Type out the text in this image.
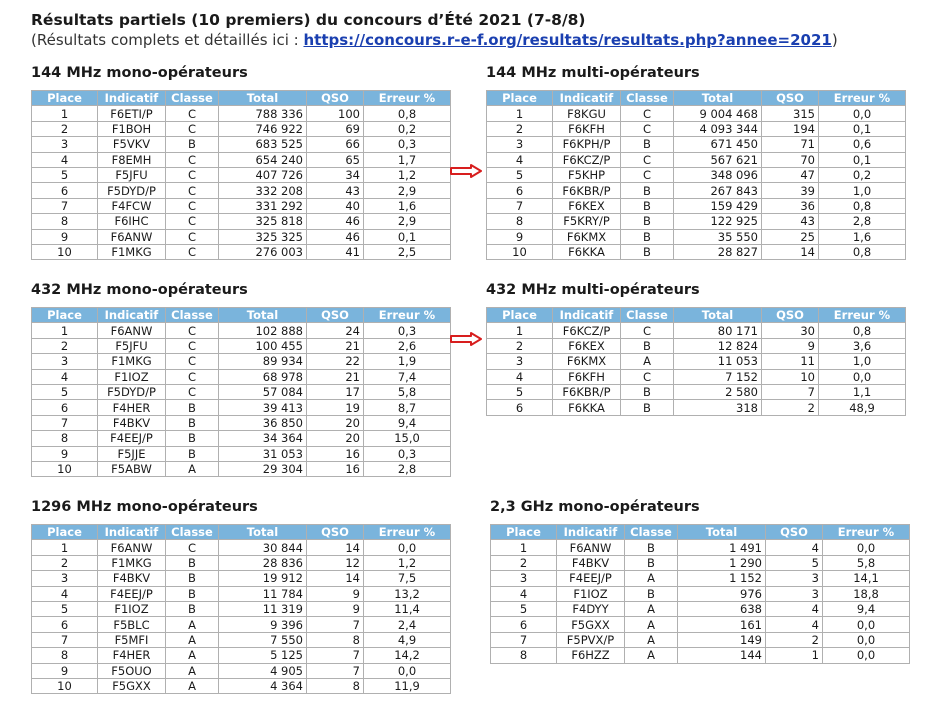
Résultats partiels (10 premiers) du concours d’Été 2021 (7-8/8)
(Résultats complets et détaillés ici : https://concours.r-e-f.org/resultats/resultats.php?annee=2021)
144 MHz mono-opérateurs
Place	Indicatif	Classe	Total	QSO	Erreur %
1	F6ETI/P	C	788 336	100	0,8
2	F1BOH	C	746 922	69	0,2
3	F5VKV	B	683 525	66	0,3
4	F8EMH	C	654 240	65	1,7
5	F5JFU	C	407 726	34	1,2
6	F5DYD/P	C	332 208	43	2,9
7	F4FCW	C	331 292	40	1,6
8	F6IHC	C	325 818	46	2,9
9	F6ANW	C	325 325	46	0,1
10	F1MKG	C	276 003	41	2,5
144 MHz multi-opérateurs
Place	Indicatif	Classe	Total	QSO	Erreur %
1	F8KGU	C	9 004 468	315	0,0
2	F6KFH	C	4 093 344	194	0,1
3	F6KPH/P	B	671 450	71	0,6
4	F6KCZ/P	C	567 621	70	0,1
5	F5KHP	C	348 096	47	0,2
6	F6KBR/P	B	267 843	39	1,0
7	F6KEX	B	159 429	36	0,8
8	F5KRY/P	B	122 925	43	2,8
9	F6KMX	B	35 550	25	1,6
10	F6KKA	B	28 827	14	0,8
432 MHz mono-opérateurs
Place	Indicatif	Classe	Total	QSO	Erreur %
1	F6ANW	C	102 888	24	0,3
2	F5JFU	C	100 455	21	2,6
3	F1MKG	C	89 934	22	1,9
4	F1IOZ	C	68 978	21	7,4
5	F5DYD/P	C	57 084	17	5,8
6	F4HER	B	39 413	19	8,7
7	F4BKV	B	36 850	20	9,4
8	F4EEJ/P	B	34 364	20	15,0
9	F5JJE	B	31 053	16	0,3
10	F5ABW	A	29 304	16	2,8
432 MHz multi-opérateurs
Place	Indicatif	Classe	Total	QSO	Erreur %
1	F6KCZ/P	C	80 171	30	0,8
2	F6KEX	B	12 824	9	3,6
3	F6KMX	A	11 053	11	1,0
4	F6KFH	C	7 152	10	0,0
5	F6KBR/P	B	2 580	7	1,1
6	F6KKA	B	318	2	48,9
1296 MHz mono-opérateurs
Place	Indicatif	Classe	Total	QSO	Erreur %
1	F6ANW	C	30 844	14	0,0
2	F1MKG	B	28 836	12	1,2
3	F4BKV	B	19 912	14	7,5
4	F4EEJ/P	B	11 784	9	13,2
5	F1IOZ	B	11 319	9	11,4
6	F5BLC	A	9 396	7	2,4
7	F5MFI	A	7 550	8	4,9
8	F4HER	A	5 125	7	14,2
9	F5OUO	A	4 905	7	0,0
10	F5GXX	A	4 364	8	11,9
2,3 GHz mono-opérateurs
Place	Indicatif	Classe	Total	QSO	Erreur %
1	F6ANW	B	1 491	4	0,0
2	F4BKV	B	1 290	5	5,8
3	F4EEJ/P	A	1 152	3	14,1
4	F1IOZ	B	976	3	18,8
5	F4DYY	A	638	4	9,4
6	F5GXX	A	161	4	0,0
7	F5PVX/P	A	149	2	0,0
8	F6HZZ	A	144	1	0,0
